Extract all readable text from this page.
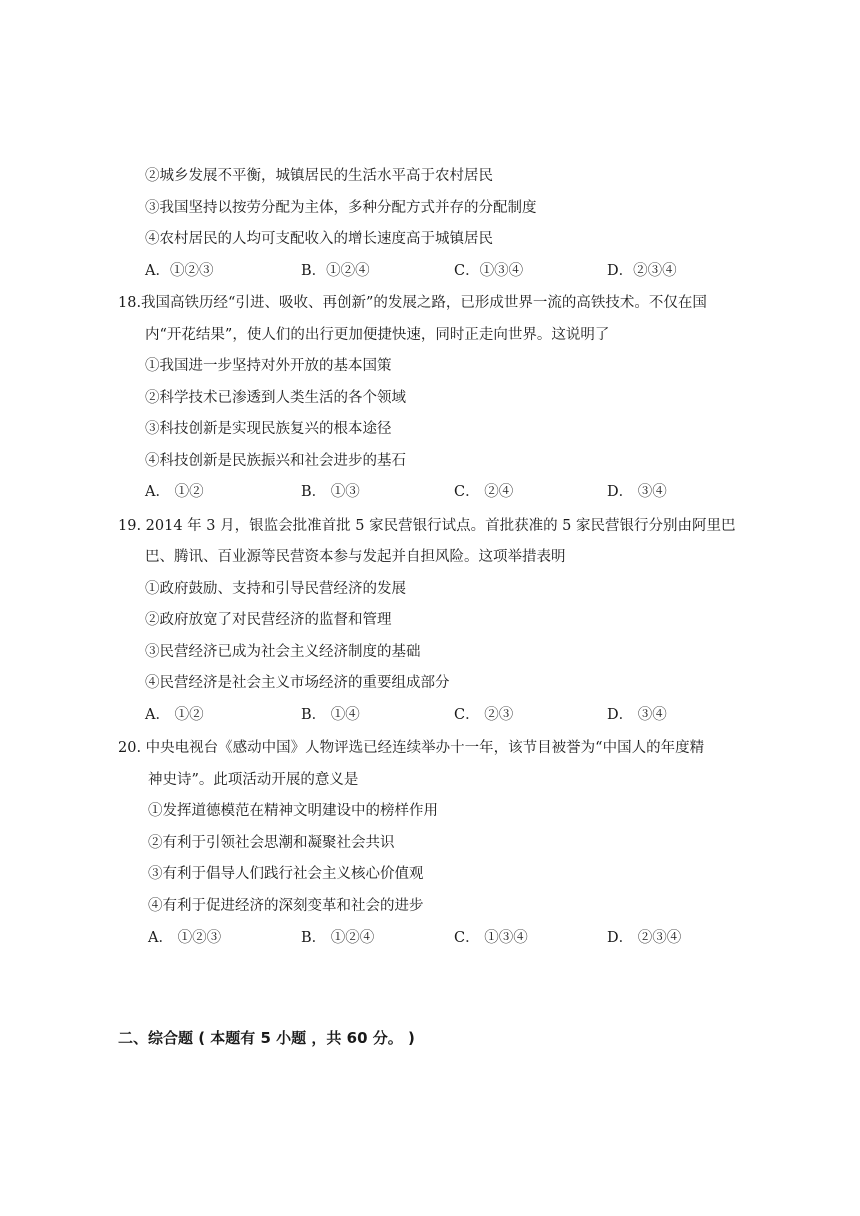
②城乡发展不平衡，城镇居民的生活水平高于农村居民
③我国坚持以按劳分配为主体，多种分配方式并存的分配制度
④农村居民的人均可支配收入的增长速度高于城镇居民
A．①②③	B．①②④	C．①③④	D．②③④
18.我国高铁历经“引进、吸收、再创新”的发展之路，已形成世界一流的高铁技术。不仅在国
内“开花结果”，使人们的出行更加便捷快速，同时正走向世界。这说明了
①我国进一步坚持对外开放的基本国策
②科学技术已渗透到人类生活的各个领域
③科技创新是实现民族复兴的根本途径
④科技创新是民族振兴和社会进步的基石
A． ①②	B． ①③	C． ②④	D． ③④
19. 2014 年 3 月，银监会批准首批 5 家民营银行试点。首批获准的 5 家民营银行分别由阿里巴
巴、腾讯、百业源等民营资本参与发起并自担风险。这项举措表明
①政府鼓励、支持和引导民营经济的发展
②政府放宽了对民营经济的监督和管理
③民营经济已成为社会主义经济制度的基础
④民营经济是社会主义市场经济的重要组成部分
A． ①②	B． ①④	C． ②③	D． ③④
20. 中央电视台《感动中国》人物评选已经连续举办十一年，该节目被誉为“中国人的年度精
神史诗”。此项活动开展的意义是
①发挥道德模范在精神文明建设中的榜样作用
②有利于引领社会思潮和凝聚社会共识
③有利于倡导人们践行社会主义核心价值观
④有利于促进经济的深刻变革和社会的进步
A． ①②③	B． ①②④	C． ①③④	D． ②③④
二、综合题 ( 本题有 5 小题 ，共 60 分。 )
